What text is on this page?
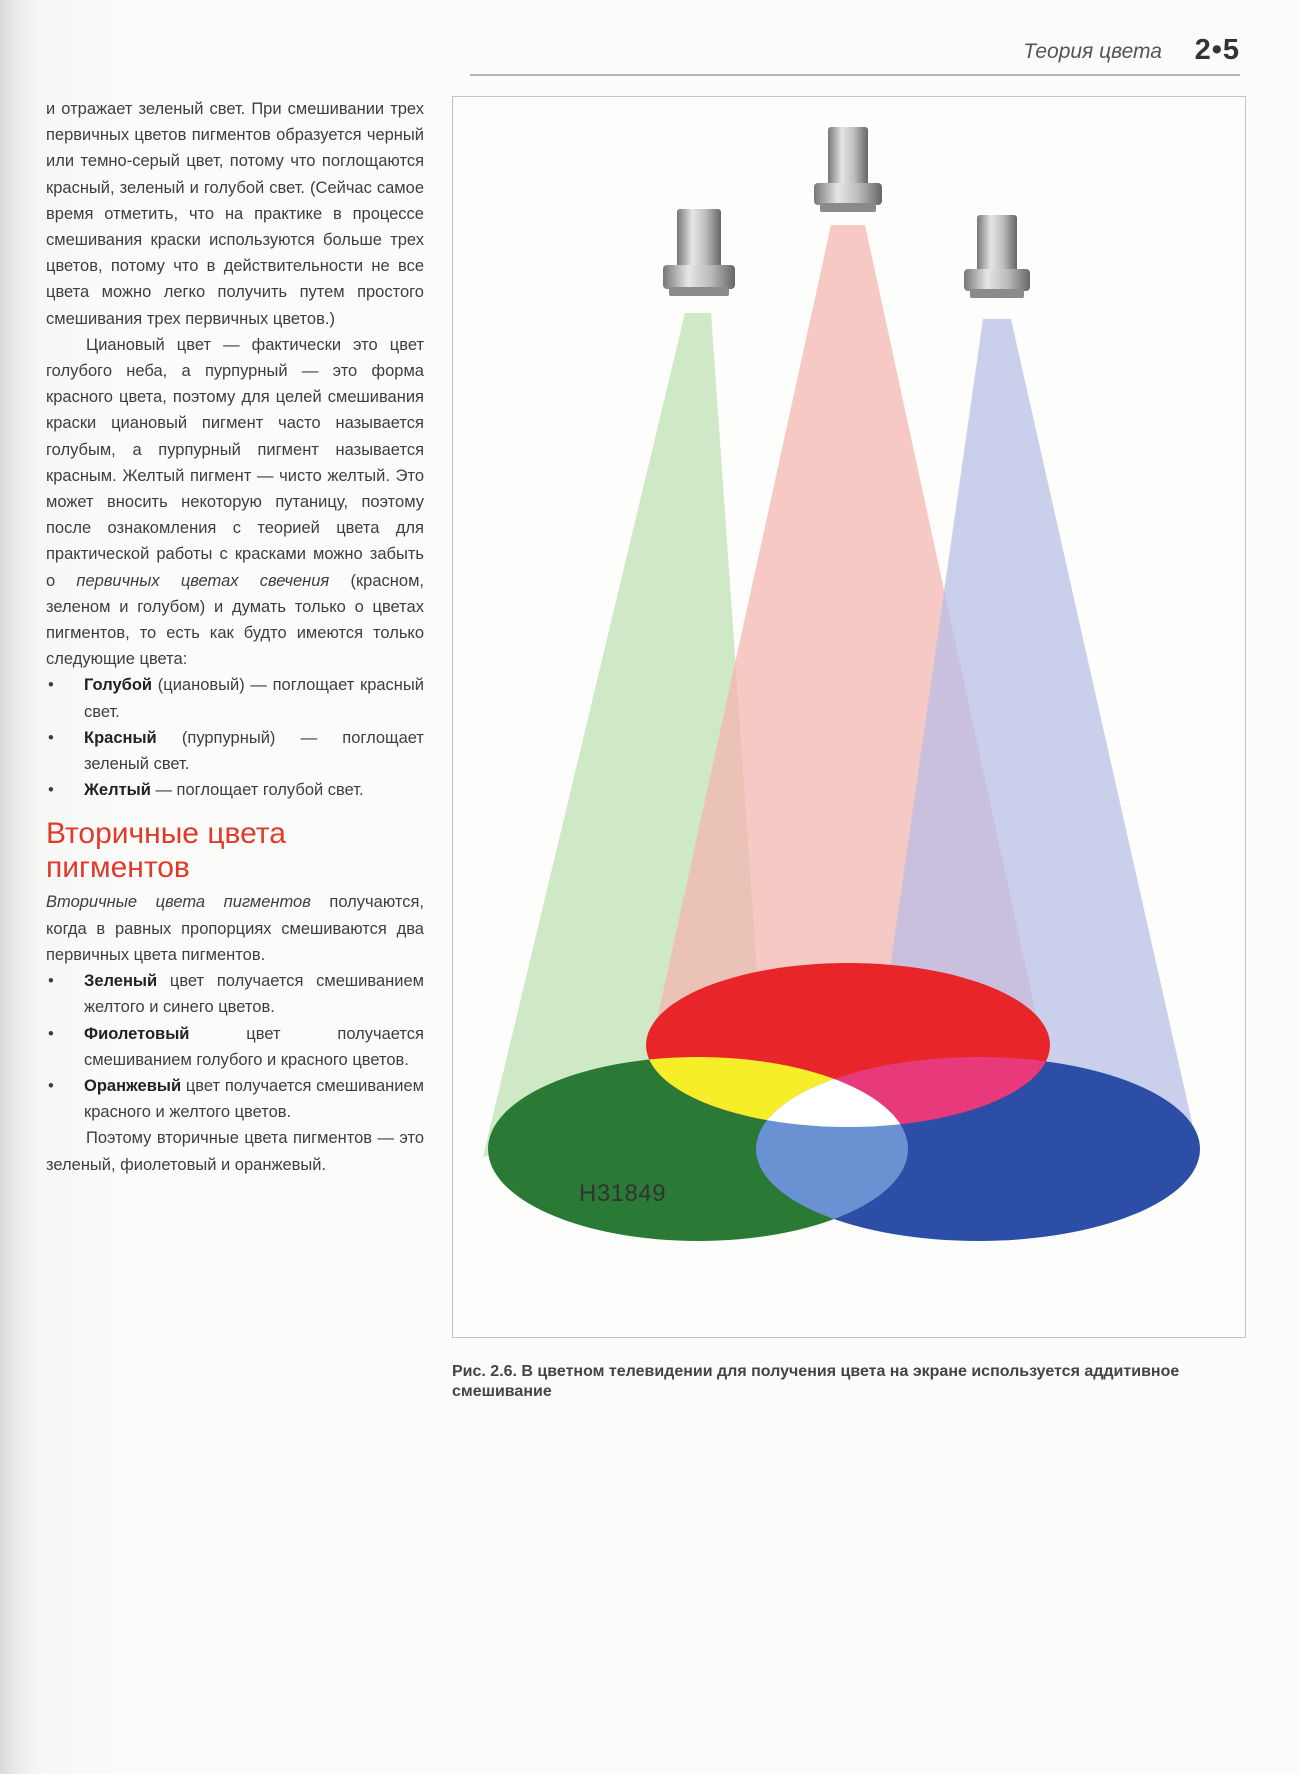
Теория цвета 2•5

и отражает зеленый свет. При смешивании трех первичных цветов пигментов образуется черный или темно-серый цвет, потому что поглощаются красный, зеленый и голубой свет. (Сейчас самое время отметить, что на практике в процессе смешивания краски используются больше трех цветов, потому что в действительности не все цвета можно легко получить путем простого смешивания трех первичных цветов.)

Циановый цвет — фактически это цвет голубого неба, а пурпурный — это форма красного цвета, поэтому для целей смешивания краски циановый пигмент часто называется голубым, а пурпурный пигмент называется красным. Желтый пигмент — чисто желтый. Это может вносить некоторую путаницу, поэтому после ознакомления с теорией цвета для практической работы с красками можно забыть о первичных цветах свечения (красном, зеленом и голубом) и думать только о цветах пигментов, то есть как будто имеются только следующие цвета:

• Голубой (циановый) — поглощает красный свет.
• Красный (пурпурный) — поглощает зеленый свет.
• Желтый — поглощает голубой свет.
Вторичные цвета пигментов

Вторичные цвета пигментов получаются, когда в равных пропорциях смешиваются два первичных цвета пигментов.

• Зеленый цвет получается смешиванием желтого и синего цветов.
• Фиолетовый цвет получается смешиванием голубого и красного цветов.
• Оранжевый цвет получается смешиванием красного и желтого цветов.

Поэтому вторичные цвета пигментов — это зеленый, фиолетовый и оранжевый.

H31849
Рис. 2.6. В цветном телевидении для получения цвета на экране используется аддитивное смешивание
